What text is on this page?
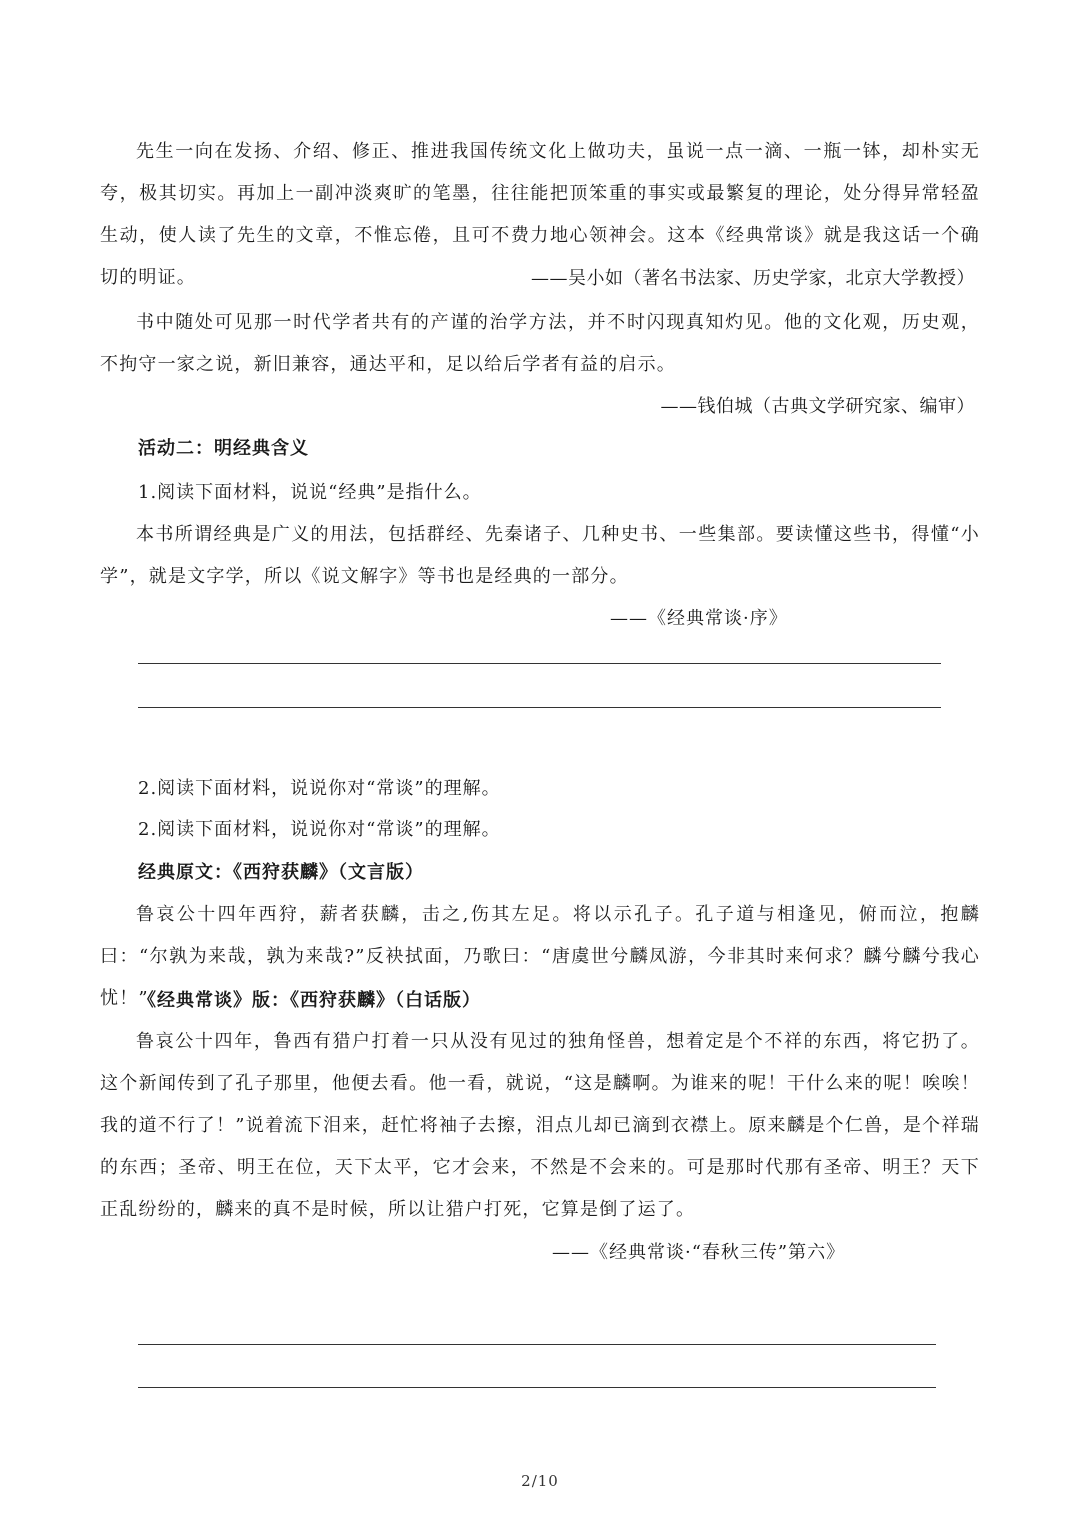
先生一向在发扬、介绍、修正、推进我国传统文化上做功夫，虽说一点一滴、一瓶一钵，却朴实无夸，极其切实。再加上一副冲淡爽旷的笔墨，往往能把顶笨重的事实或最繁复的理论，处分得异常轻盈生动，使人读了先生的文章，不惟忘倦，且可不费力地心领神会。这本《经典常谈》就是我这话一个确切的明证。	——吴小如（著名书法家、历史学家，北京大学教授）

书中随处可见那一时代学者共有的产谨的治学方法，并不时闪现真知灼见。他的文化观，历史观，不拘守一家之说，新旧兼容，通达平和，足以给后学者有益的启示。

——钱伯城（古典文学研究家、编审）
活动二：明经典含义
1.阅读下面材料，说说“经典”是指什么。

本书所谓经典是广义的用法，包括群经、先秦诸子、几种史书、一些集部。要读懂这些书，得懂“小学”，就是文字学，所以《说文解字》等书也是经典的一部分。

——《经典常谈·序》
2.阅读下面材料，说说你对“常谈”的理解。
2.阅读下面材料，说说你对“常谈”的理解。
经典原文：《西狩获麟》（文言版）

鲁哀公十四年西狩，薪者获麟，击之,伤其左足。将以示孔子。孔子道与相逢见，俯而泣，抱麟曰：“尔孰为来哉，孰为来哉?”反袂拭面，乃歌曰：“唐虞世兮麟凤游，今非其时来何求？麟兮麟兮我心忧！”

《经典常谈》版：《西狩获麟》（白话版）

鲁哀公十四年，鲁西有猎户打着一只从没有见过的独角怪兽，想着定是个不祥的东西，将它扔了。这个新闻传到了孔子那里，他便去看。他一看，就说，“这是麟啊。为谁来的呢！干什么来的呢！唉唉！我的道不行了！”说着流下泪来，赶忙将袖子去擦，泪点儿却已滴到衣襟上。原来麟是个仁兽，是个祥瑞的东西；圣帝、明王在位，天下太平，它才会来，不然是不会来的。可是那时代那有圣帝、明王？天下正乱纷纷的，麟来的真不是时候，所以让猎户打死，它算是倒了运了。

——《经典常谈·“春秋三传”第六》
2/10
